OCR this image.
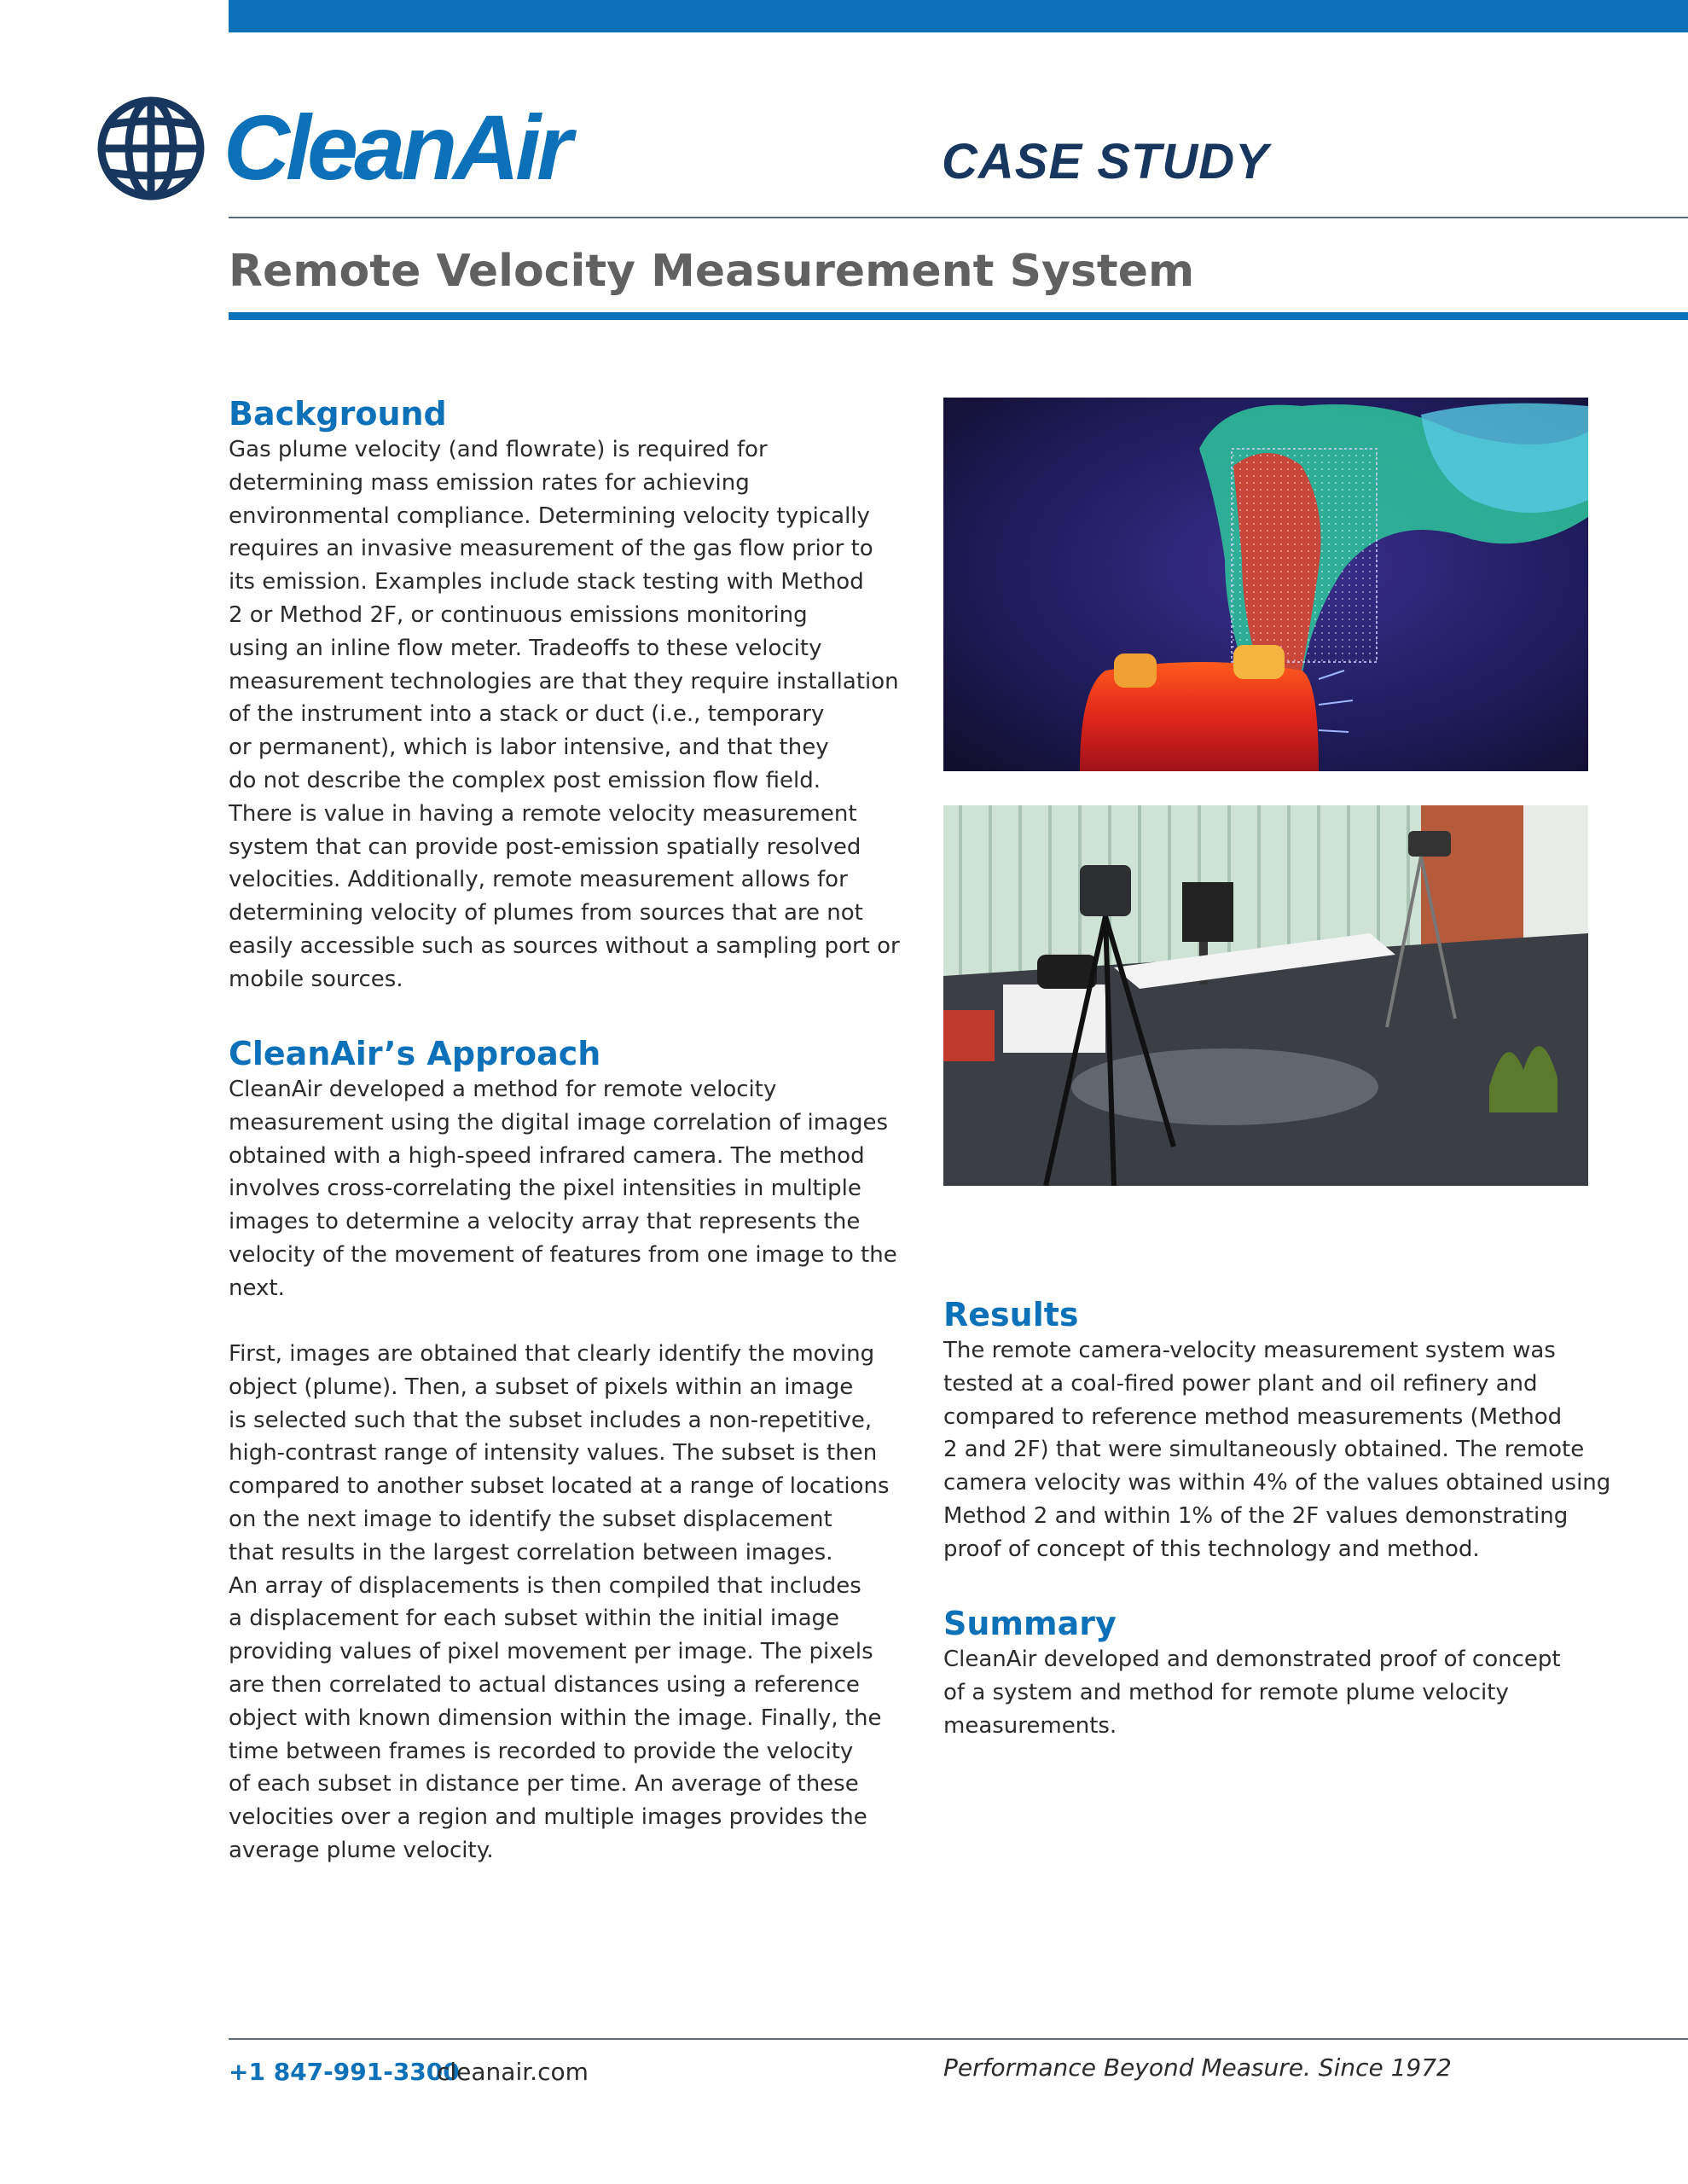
CleanAir	CASE STUDY
Remote Velocity Measurement System
Background
Gas plume velocity (and flowrate) is required for
determining mass emission rates for achieving
environmental compliance. Determining velocity typically
requires an invasive measurement of the gas flow prior to
its emission. Examples include stack testing with Method
2 or Method 2F, or continuous emissions monitoring
using an inline flow meter. Tradeoffs to these velocity
measurement technologies are that they require installation
of the instrument into a stack or duct (i.e., temporary
or permanent), which is labor intensive, and that they
do not describe the complex post emission flow field.
There is value in having a remote velocity measurement
system that can provide post-emission spatially resolved
velocities. Additionally, remote measurement allows for
determining velocity of plumes from sources that are not
easily accessible such as sources without a sampling port or
mobile sources.
CleanAir’s Approach
CleanAir developed a method for remote velocity
measurement using the digital image correlation of images
obtained with a high-speed infrared camera. The method
involves cross-correlating the pixel intensities in multiple
images to determine a velocity array that represents the
velocity of the movement of features from one image to the
next.
First, images are obtained that clearly identify the moving
object (plume). Then, a subset of pixels within an image
is selected such that the subset includes a non-repetitive,
high-contrast range of intensity values. The subset is then
compared to another subset located at a range of locations
on the next image to identify the subset displacement
that results in the largest correlation between images.
An array of displacements is then compiled that includes
a displacement for each subset within the initial image
providing values of pixel movement per image. The pixels
are then correlated to actual distances using a reference
object with known dimension within the image. Finally, the
time between frames is recorded to provide the velocity
of each subset in distance per time. An average of these
velocities over a region and multiple images provides the
average plume velocity.
Results
The remote camera-velocity measurement system was
tested at a coal-fired power plant and oil refinery and
compared to reference method measurements (Method
2 and 2F) that were simultaneously obtained. The remote
camera velocity was within 4% of the values obtained using
Method 2 and within 1% of the 2F values demonstrating
proof of concept of this technology and method.
Summary
CleanAir developed and demonstrated proof of concept
of a system and method for remote plume velocity
measurements.
+1 847-991-3300
cleanair.com	Performance Beyond Measure. Since 1972
